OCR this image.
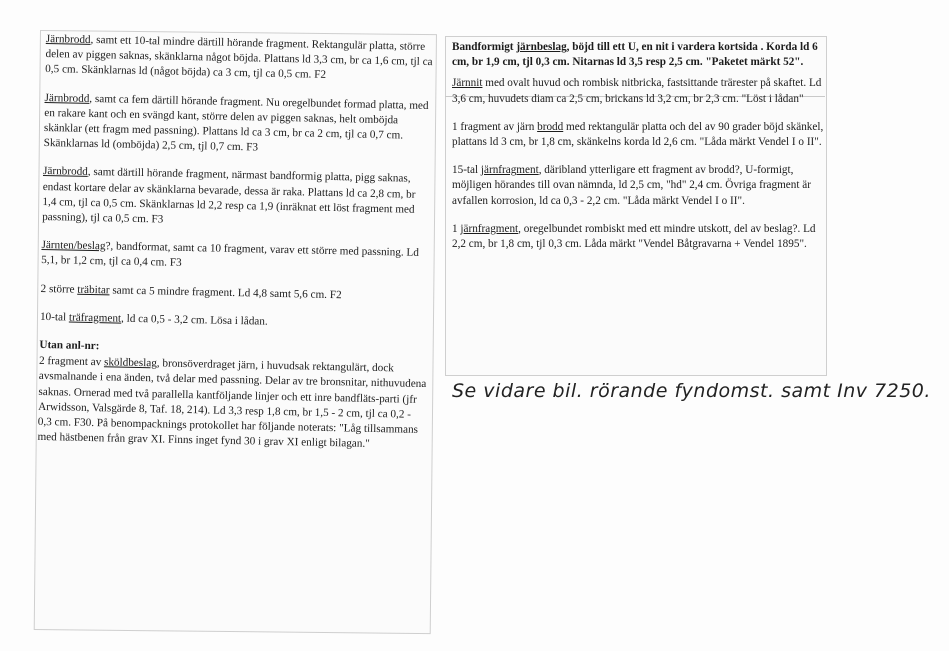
Järnbrodd, samt ett 10-tal mindre därtill hörande fragment. Rektangulär platta, större delen av piggen saknas, skänklarna något böjda. Plattans ld 3,3 cm, br ca 1,6 cm, tjl ca 0,5 cm. Skänklarnas ld (något böjda) ca 3 cm, tjl ca 0,5 cm. F2

Järnbrodd, samt ca fem därtill hörande fragment. Nu oregelbundet formad platta, med en rakare kant och en svängd kant, större delen av piggen saknas, helt omböjda skänklar (ett fragm med passning). Plattans ld ca 3 cm, br ca 2 cm, tjl ca 0,7 cm. Skänklarnas ld (omböjda) 2,5 cm, tjl 0,7 cm. F3

Järnbrodd, samt därtill hörande fragment, närmast bandformig platta, pigg saknas, endast kortare delar av skänklarna bevarade, dessa är raka. Plattans ld ca 2,8 cm, br 1,4 cm, tjl ca 0,5 cm. Skänklarnas ld 2,2 resp ca 1,9 (inräknat ett löst fragment med passning), tjl ca 0,5 cm. F3

Järnten/beslag?, bandformat, samt ca 10 fragment, varav ett större med passning. Ld 5,1, br 1,2 cm, tjl ca 0,4 cm. F3

2 större träbitar samt ca 5 mindre fragment. Ld 4,8 samt 5,6 cm. F2

10-tal träfragment, ld ca 0,5 - 3,2 cm. Lösa i lådan.

Utan anl-nr:

2 fragment av sköldbeslag, bronsöverdraget järn, i huvudsak rektangulärt, dock avsmalnande i ena änden, två delar med passning. Delar av tre bronsnitar, nithuvudena saknas. Ornerad med två parallella kantföljande linjer och ett inre bandfläts-parti (jfr Arwidsson, Valsgärde 8, Taf. 18, 214). Ld 3,3 resp 1,8 cm, br 1,5 - 2 cm, tjl ca 0,2 - 0,3 cm. F30. På benompacknings protokollet har följande noterats: "Låg tillsammans med hästbenen från grav XI. Finns inget fynd 30 i grav XI enligt bilagan."

Bandformigt järnbeslag, böjd till ett U, en nit i vardera kortsida . Korda ld 6 cm, br 1,9 cm, tjl 0,3 cm. Nitarnas ld 3,5 resp 2,5 cm. "Paketet märkt 52".

Järnnit med ovalt huvud och rombisk nitbricka, fastsittande trärester på skaftet. Ld 3,6 cm, huvudets diam ca 2,5 cm, brickans ld 3,2 cm, br 2,3 cm. "Löst i lådan"

1 fragment av järn brodd med rektangulär platta och del av 90 grader böjd skänkel, plattans ld 3 cm, br 1,8 cm, skänkelns korda ld 2,6 cm. "Låda märkt Vendel I o II".

15-tal järnfragment, däribland ytterligare ett fragment av brodd?, U-formigt, möjligen hörandes till ovan nämnda, ld 2,5 cm, "hd" 2,4 cm. Övriga fragment är avfallen korrosion, ld ca 0,3 - 2,2 cm. "Låda märkt Vendel I o II".

1 järnfragment, oregelbundet rombiskt med ett mindre utskott, del av beslag?. Ld 2,2 cm, br 1,8 cm, tjl 0,3 cm. Låda märkt "Vendel Båtgravarna + Vendel 1895".

Se vidare bil. rörande fyndomst. samt Inv 7250.
